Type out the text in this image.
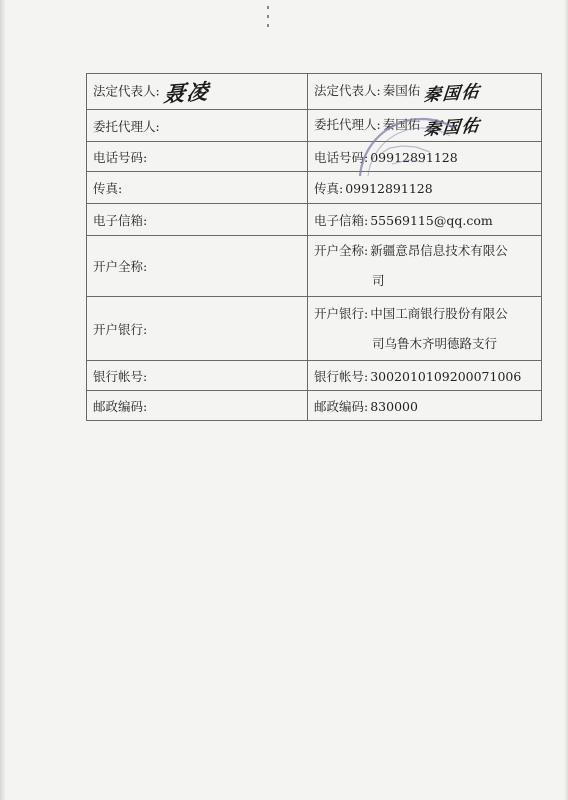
法定代表人: 聂凌	法定代表人: 秦国佑 秦国佑
委托代理人:	委托代理人: 秦国佑 秦国佑
电话号码:	电话号码: 09912891128
传真:	传真: 09912891128
电子信箱:	电子信箱: 55569115@qq.com
开户全称:	开户全称: 新疆意昂信息技术有限公
司

开户银行:	开户银行: 中国工商银行股份有限公
司乌鲁木齐明德路支行

银行帐号:	银行帐号: 3002010109200071006
邮政编码:	邮政编码: 830000
